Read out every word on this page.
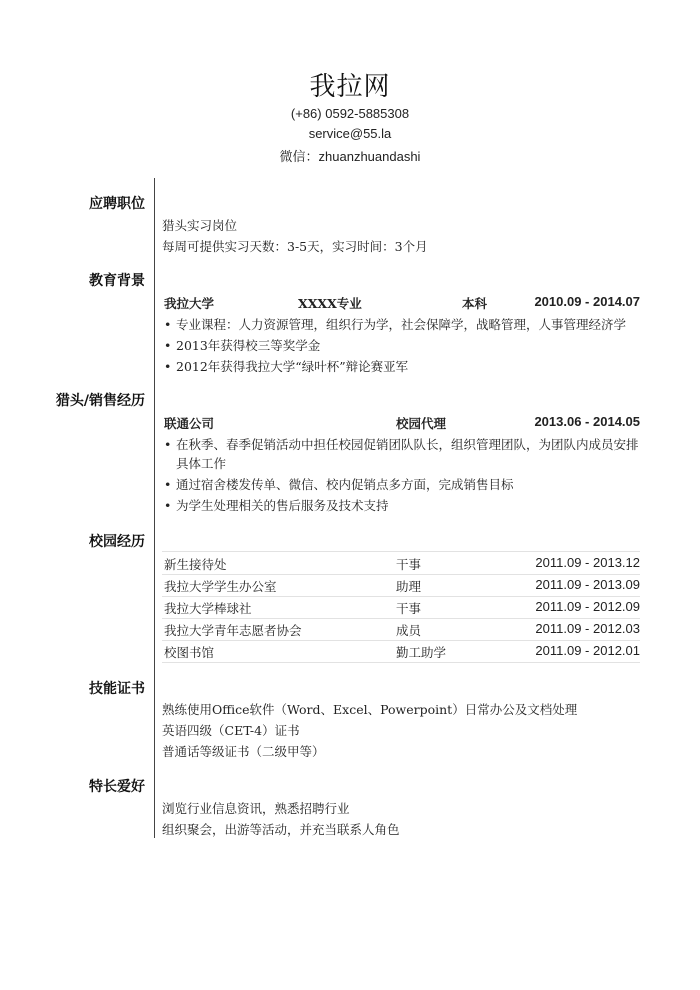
我拉网
(+86) 0592-5885308
service@55.la
微信：zhuanzhuandashi
应聘职位
猎头实习岗位
每周可提供实习天数：3-5天，实习时间：3个月
教育背景
我拉大学	XXXX专业	本科	2010.09 - 2014.07
• 专业课程：人力资源管理，组织行为学，社会保障学，战略管理，人事管理经济学
• 2013年获得校三等奖学金
• 2012年获得我拉大学“绿叶杯”辩论赛亚军
猎头/销售经历
联通公司	校园代理	2013.06 - 2014.05
• 在秋季、春季促销活动中担任校园促销团队队长，组织管理团队，为团队内成员安排具体工作
• 通过宿舍楼发传单、微信、校内促销点多方面，完成销售目标
• 为学生处理相关的售后服务及技术支持
校园经历
新生接待处	干事	2011.09 - 2013.12
我拉大学学生办公室	助理	2011.09 - 2013.09
我拉大学棒球社	干事	2011.09 - 2012.09
我拉大学青年志愿者协会	成员	2011.09 - 2012.03
校图书馆	勤工助学	2011.09 - 2012.01
技能证书
熟练使用Office软件（Word、Excel、Powerpoint）日常办公及文档处理
英语四级（CET-4）证书
普通话等级证书（二级甲等）
特长爱好
浏览行业信息资讯，熟悉招聘行业
组织聚会，出游等活动，并充当联系人角色
